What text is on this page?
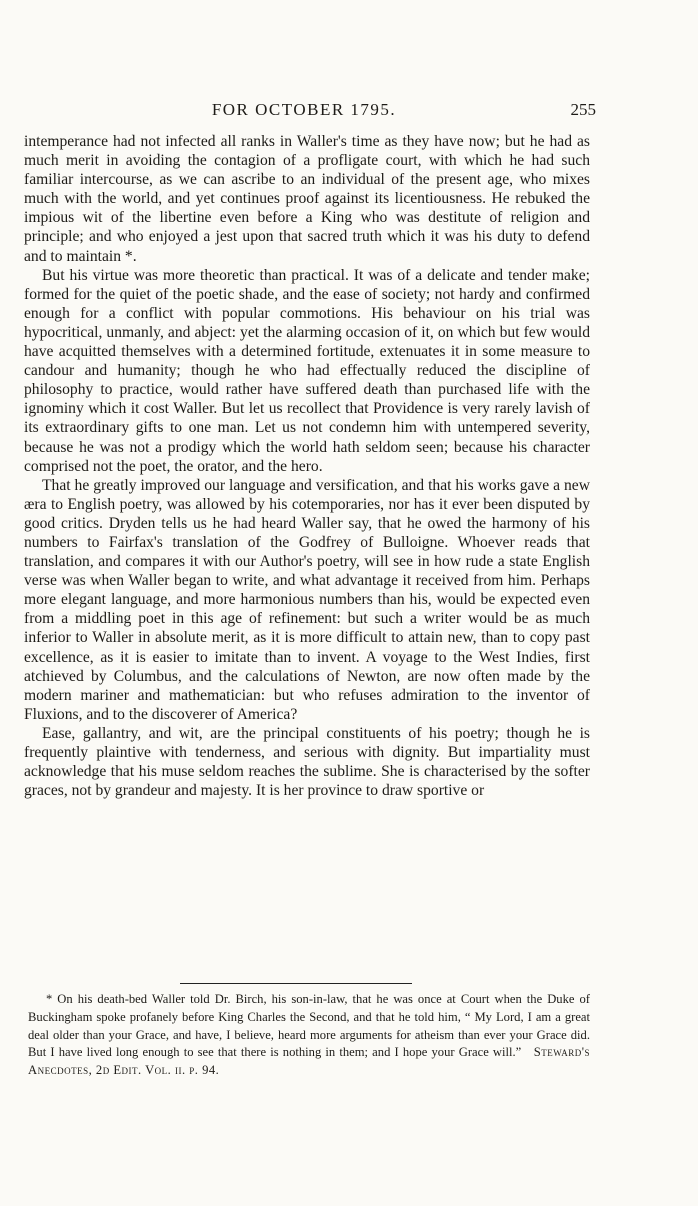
FOR OCTOBER 1795.	255

intemperance had not infected all ranks in Waller's time as they have now; but he had as much merit in avoiding the contagion of a profligate court, with which he had such familiar intercourse, as we can ascribe to an individual of the present age, who mixes much with the world, and yet continues proof against its licentiousness. He rebuked the impious wit of the libertine even before a King who was destitute of religion and principle; and who enjoyed a jest upon that sacred truth which it was his duty to defend and to maintain *.

But his virtue was more theoretic than practical. It was of a delicate and tender make; formed for the quiet of the poetic shade, and the ease of society; not hardy and confirmed enough for a conflict with popular commotions. His behaviour on his trial was hypocritical, unmanly, and abject: yet the alarming occasion of it, on which but few would have acquitted themselves with a determined fortitude, extenuates it in some measure to candour and humanity; though he who had effectually reduced the discipline of philosophy to practice, would rather have suffered death than purchased life with the ignominy which it cost Waller. But let us recollect that Providence is very rarely lavish of its extraordinary gifts to one man. Let us not condemn him with untempered severity, because he was not a prodigy which the world hath seldom seen; because his character comprised not the poet, the orator, and the hero.

That he greatly improved our language and versification, and that his works gave a new æra to English poetry, was allowed by his cotemporaries, nor has it ever been disputed by good critics. Dryden tells us he had heard Waller say, that he owed the harmony of his numbers to Fairfax's translation of the Godfrey of Bulloigne. Whoever reads that translation, and compares it with our Author's poetry, will see in how rude a state English verse was when Waller began to write, and what advantage it received from him. Perhaps more elegant language, and more harmonious numbers than his, would be expected even from a middling poet in this age of refinement: but such a writer would be as much inferior to Waller in absolute merit, as it is more difficult to attain new, than to copy past excellence, as it is easier to imitate than to invent. A voyage to the West Indies, first atchieved by Columbus, and the calculations of Newton, are now often made by the modern mariner and mathematician: but who refuses admiration to the inventor of Fluxions, and to the discoverer of America?

Ease, gallantry, and wit, are the principal constituents of his poetry; though he is frequently plaintive with tenderness, and serious with dignity. But impartiality must acknowledge that his muse seldom reaches the sublime. She is characterised by the softer graces, not by grandeur and majesty. It is her province to draw sportive or

* On his death-bed Waller told Dr. Birch, his son-in-law, that he was once at Court when the Duke of Buckingham spoke profanely before King Charles the Second, and that he told him, “ My Lord, I am a great deal older than your Grace, and have, I believe, heard more arguments for atheism than ever your Grace did. But I have lived long enough to see that there is nothing in them; and I hope your Grace will.” Steward's Anecdotes, 2d Edit. Vol. ii. p. 94.
